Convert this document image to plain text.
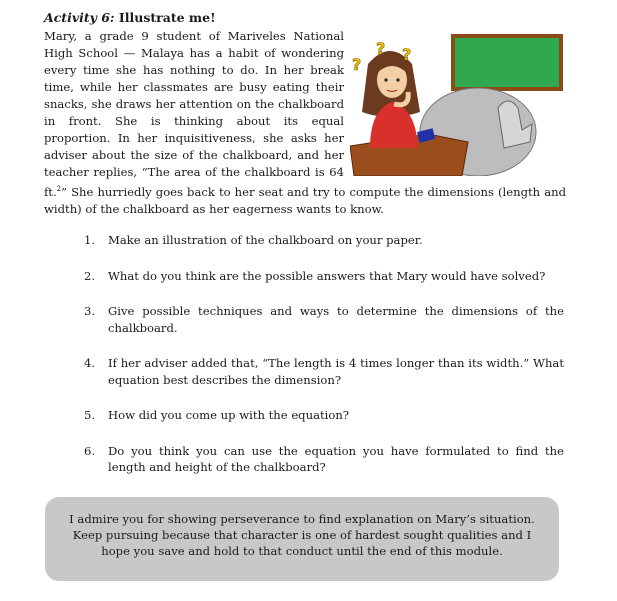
Activity 6: Illustrate me!
?
? ?
Mary, a grade 9 student of Mariveles National High School — Malaya has a habit of wondering every time she has nothing to do. In her break time, while her classmates are busy eating their snacks, she draws her attention on the chalkboard in front. She is thinking about its equal proportion. In her inquisitiveness, she asks her adviser about the size of the chalkboard, and her teacher replies, “The area of the chalkboard is 64 ft.$^2$” She hurriedly goes back to her seat and try to compute the dimensions (length and width) of the chalkboard as her eagerness wants to know.
1. Make an illustration of the chalkboard on your paper.
2. What do you think are the possible answers that Mary would have solved?
3. Give possible techniques and ways to determine the dimensions of the chalkboard.
4. If her adviser added that, “The length is 4 times longer than its width.” What equation best describes the dimension?
5. How did you come up with the equation?
6. Do you think you can use the equation you have formulated to find the length and height of the chalkboard?
I admire you for showing perseverance to find explanation on Mary’s situation. Keep pursuing because that character is one of hardest sought qualities and I hope you save and hold to that conduct until the end of this module.
